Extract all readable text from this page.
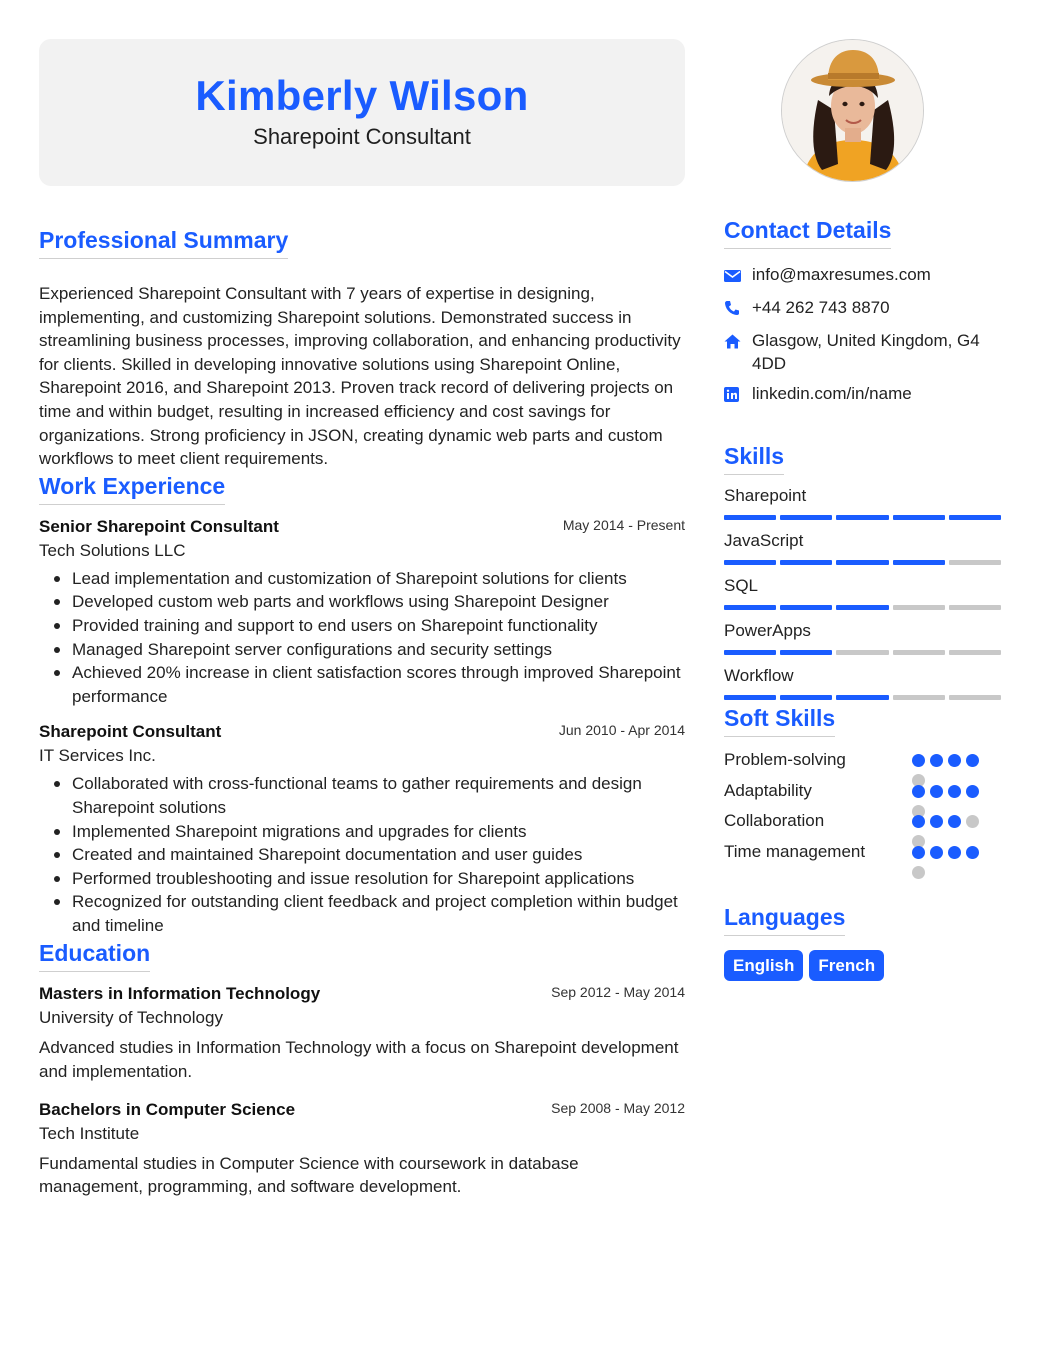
Kimberly Wilson
Sharepoint Consultant
Professional Summary
Experienced Sharepoint Consultant with 7 years of expertise in designing, implementing, and customizing Sharepoint solutions. Demonstrated success in streamlining business processes, improving collaboration, and enhancing productivity for clients. Skilled in developing innovative solutions using Sharepoint Online, Sharepoint 2016, and Sharepoint 2013. Proven track record of delivering projects on time and within budget, resulting in increased efficiency and cost savings for organizations. Strong proficiency in JSON, creating dynamic web parts and custom workflows to meet client requirements.
Work Experience
Senior Sharepoint Consultant	May 2014 - Present
Tech Solutions LLC
Lead implementation and customization of Sharepoint solutions for clients
Developed custom web parts and workflows using Sharepoint Designer
Provided training and support to end users on Sharepoint functionality
Managed Sharepoint server configurations and security settings
Achieved 20% increase in client satisfaction scores through improved Sharepoint performance
Sharepoint Consultant	Jun 2010 - Apr 2014
IT Services Inc.
Collaborated with cross-functional teams to gather requirements and design Sharepoint solutions
Implemented Sharepoint migrations and upgrades for clients
Created and maintained Sharepoint documentation and user guides
Performed troubleshooting and issue resolution for Sharepoint applications
Recognized for outstanding client feedback and project completion within budget and timeline
Education
Masters in Information Technology	Sep 2012 - May 2014
University of Technology
Advanced studies in Information Technology with a focus on Sharepoint development and implementation.
Bachelors in Computer Science	Sep 2008 - May 2012
Tech Institute
Fundamental studies in Computer Science with coursework in database management, programming, and software development.
Contact Details
info@maxresumes.com
+44 262 743 8870
Glasgow, United Kingdom, G4 4DD
linkedin.com/in/name
Skills
Sharepoint
JavaScript
SQL
PowerApps
Workflow
Soft Skills
Problem-solving
Adaptability
Collaboration
Time management
Languages
English	French
